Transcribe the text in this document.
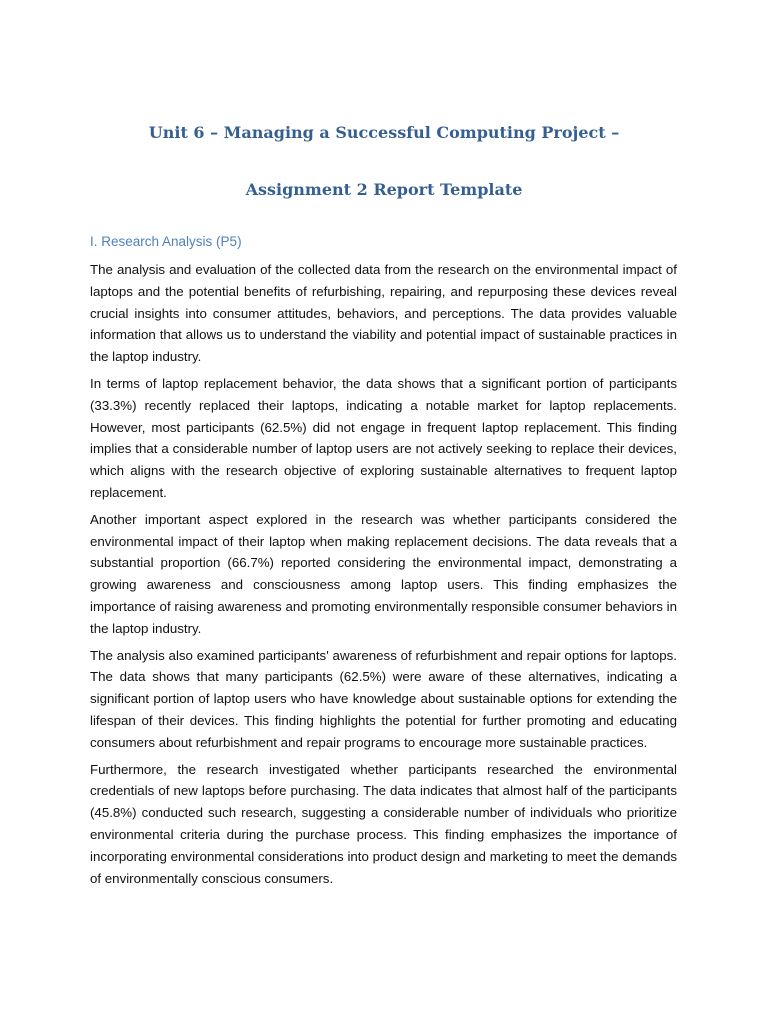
Unit 6 – Managing a Successful Computing Project –
Assignment 2 Report Template
I. Research Analysis (P5)

The analysis and evaluation of the collected data from the research on the environmental impact of laptops and the potential benefits of refurbishing, repairing, and repurposing these devices reveal crucial insights into consumer attitudes, behaviors, and perceptions. The data provides valuable information that allows us to understand the viability and potential impact of sustainable practices in the laptop industry.

In terms of laptop replacement behavior, the data shows that a significant portion of participants (33.3%) recently replaced their laptops, indicating a notable market for laptop replacements. However, most participants (62.5%) did not engage in frequent laptop replacement. This finding implies that a considerable number of laptop users are not actively seeking to replace their devices, which aligns with the research objective of exploring sustainable alternatives to frequent laptop replacement.

Another important aspect explored in the research was whether participants considered the environmental impact of their laptop when making replacement decisions. The data reveals that a substantial proportion (66.7%) reported considering the environmental impact, demonstrating a growing awareness and consciousness among laptop users. This finding emphasizes the importance of raising awareness and promoting environmentally responsible consumer behaviors in the laptop industry.

The analysis also examined participants' awareness of refurbishment and repair options for laptops. The data shows that many participants (62.5%) were aware of these alternatives, indicating a significant portion of laptop users who have knowledge about sustainable options for extending the lifespan of their devices. This finding highlights the potential for further promoting and educating consumers about refurbishment and repair programs to encourage more sustainable practices.

Furthermore, the research investigated whether participants researched the environmental credentials of new laptops before purchasing. The data indicates that almost half of the participants (45.8%) conducted such research, suggesting a considerable number of individuals who prioritize environmental criteria during the purchase process. This finding emphasizes the importance of incorporating environmental considerations into product design and marketing to meet the demands of environmentally conscious consumers.
